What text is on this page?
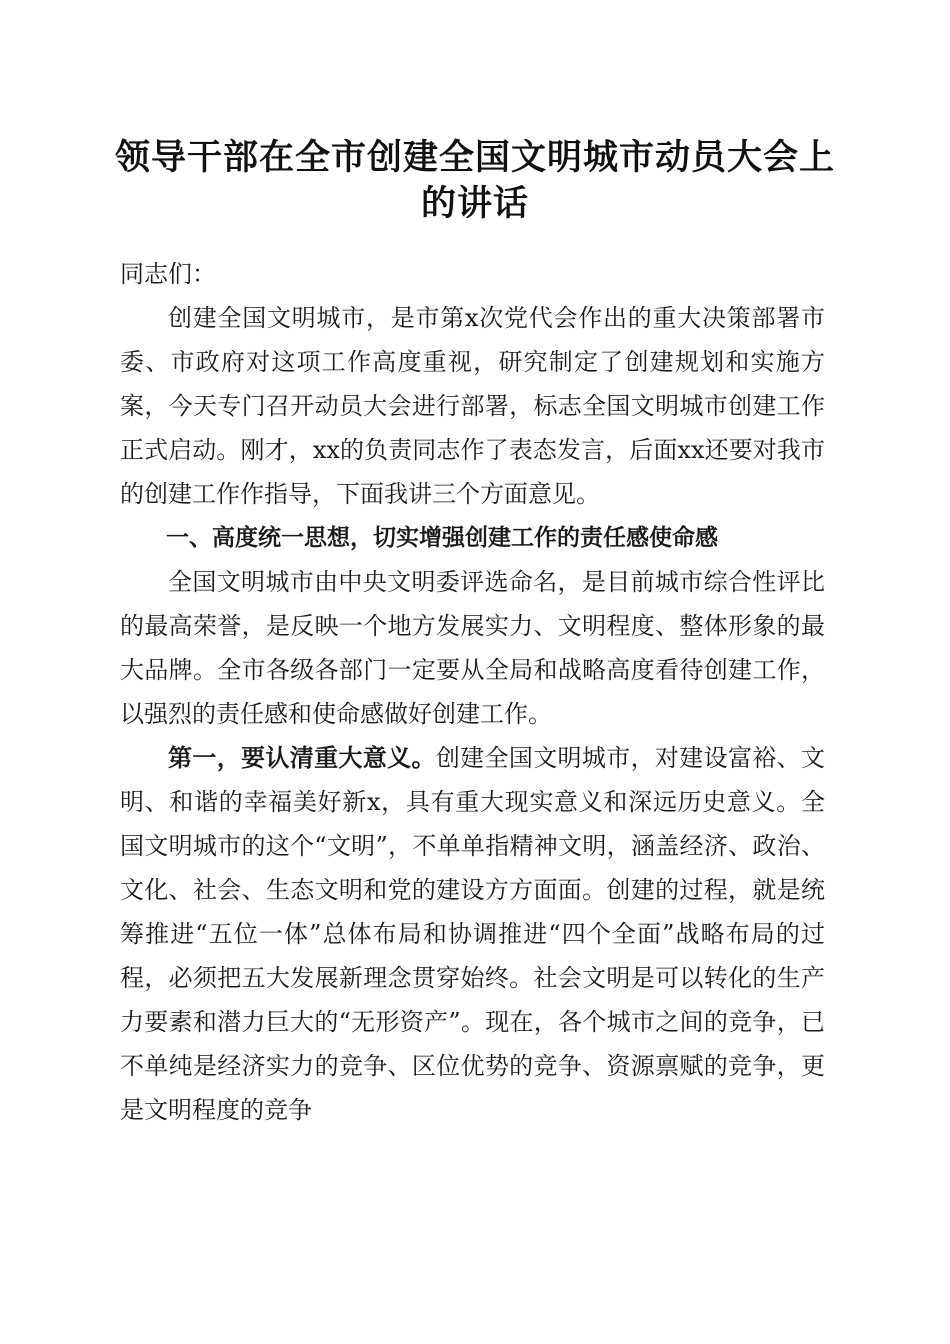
领导干部在全市创建全国文明城市动员大会上
的讲话

同志们：

创建全国文明城市，是市第x次党代会作出的重大决策部署市委、市政府对这项工作高度重视，研究制定了创建规划和实施方案，今天专门召开动员大会进行部署，标志全国文明城市创建工作正式启动。刚才，xx的负责同志作了表态发言，后面xx还要对我市的创建工作作指导，下面我讲三个方面意见。

一、高度统一思想，切实增强创建工作的责任感使命感

全国文明城市由中央文明委评选命名，是目前城市综合性评比的最高荣誉，是反映一个地方发展实力、文明程度、整体形象的最大品牌。全市各级各部门一定要从全局和战略高度看待创建工作，以强烈的责任感和使命感做好创建工作。

第一，要认清重大意义。创建全国文明城市，对建设富裕、文明、和谐的幸福美好新x，具有重大现实意义和深远历史意义。全国文明城市的这个“文明”，不单单指精神文明，涵盖经济、政治、文化、社会、生态文明和党的建设方方面面。创建的过程，就是统筹推进“五位一体”总体布局和协调推进“四个全面”战略布局的过程，必须把五大发展新理念贯穿始终。社会文明是可以转化的生产力要素和潜力巨大的“无形资产”。现在，各个城市之间的竞争，已不单纯是经济实力的竞争、区位优势的竞争、资源禀赋的竞争，更是文明程度的竞争
